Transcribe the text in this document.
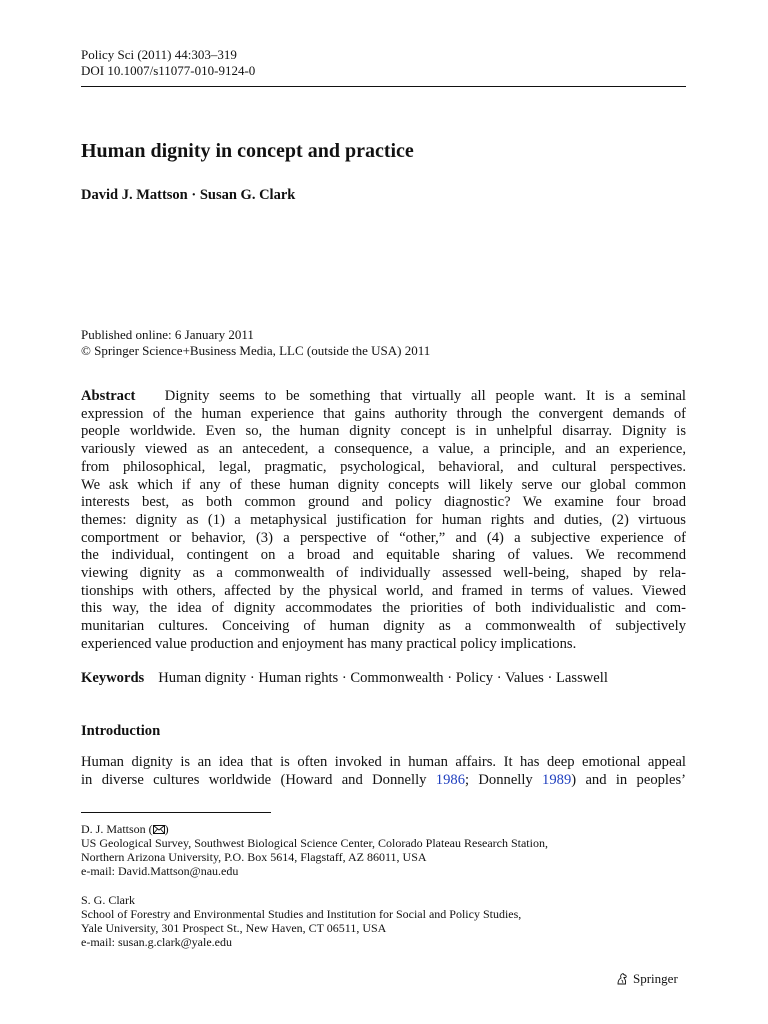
Policy Sci (2011) 44:303–319
DOI 10.1007/s11077-010-9124-0
Human dignity in concept and practice
David J. Mattson · Susan G. Clark
Published online: 6 January 2011
© Springer Science+Business Media, LLC (outside the USA) 2011
Abstract Dignity seems to be something that virtually all people want. It is a seminal
expression of the human experience that gains authority through the convergent demands of
people worldwide. Even so, the human dignity concept is in unhelpful disarray. Dignity is
variously viewed as an antecedent, a consequence, a value, a principle, and an experience,
from philosophical, legal, pragmatic, psychological, behavioral, and cultural perspectives.
We ask which if any of these human dignity concepts will likely serve our global common
interests best, as both common ground and policy diagnostic? We examine four broad
themes: dignity as (1) a metaphysical justification for human rights and duties, (2) virtuous
comportment or behavior, (3) a perspective of “other,” and (4) a subjective experience of
the individual, contingent on a broad and equitable sharing of values. We recommend
viewing dignity as a commonwealth of individually assessed well-being, shaped by rela-
tionships with others, affected by the physical world, and framed in terms of values. Viewed
this way, the idea of dignity accommodates the priorities of both individualistic and com-
munitarian cultures. Conceiving of human dignity as a commonwealth of subjectively
experienced value production and enjoyment has many practical policy implications.
Keywords Human dignity · Human rights · Commonwealth · Policy · Values · Lasswell
Introduction
Human dignity is an idea that is often invoked in human affairs. It has deep emotional appeal
in diverse cultures worldwide (Howard and Donnelly 1986; Donnelly 1989) and in peoples’
D. J. Mattson ( )
US Geological Survey, Southwest Biological Science Center, Colorado Plateau Research Station,
Northern Arizona University, P.O. Box 5614, Flagstaff, AZ 86011, USA
e-mail: David.Mattson@nau.edu
S. G. Clark
School of Forestry and Environmental Studies and Institution for Social and Policy Studies,
Yale University, 301 Prospect St., New Haven, CT 06511, USA
e-mail: susan.g.clark@yale.edu
Springer
